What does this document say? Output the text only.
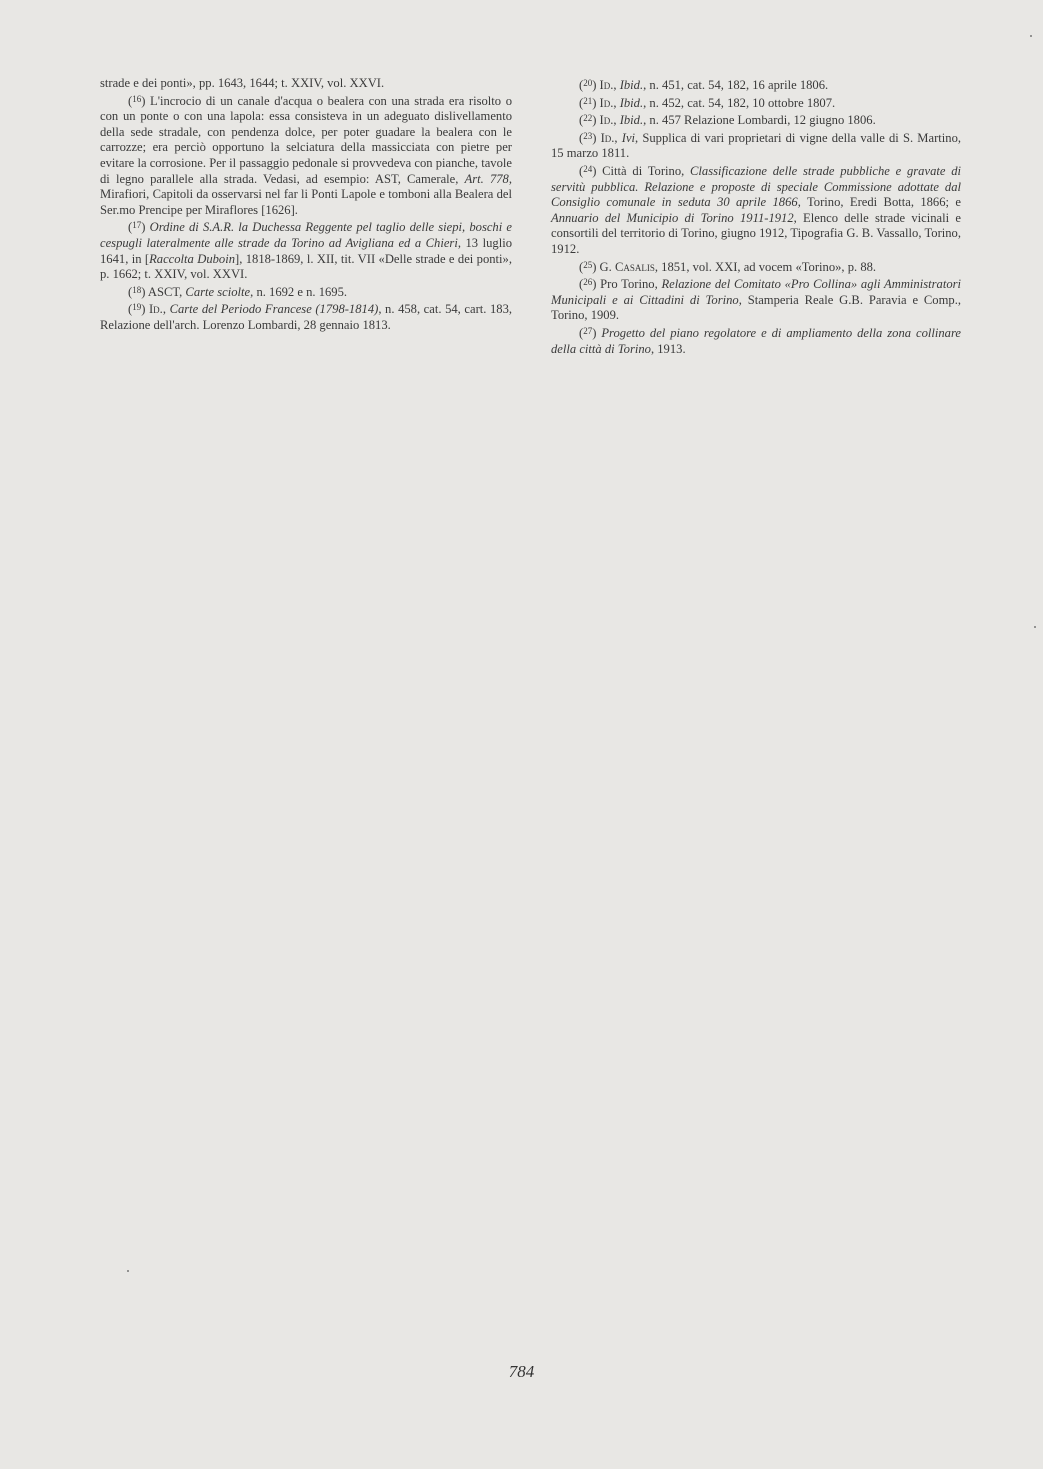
strade e dei ponti», pp. 1643, 1644; t. XXIV, vol. XXVI.

($^{16}$) L'incrocio di un canale d'acqua o bealera con una strada era risolto o con un ponte o con una lapola: essa consisteva in un adeguato dislivellamento della sede stradale, con pendenza dolce, per poter guadare la bealera con le carrozze; era perciò opportuno la selciatura della massicciata con pietre per evitare la corrosione. Per il passaggio pedonale si provvedeva con pianche, tavole di legno parallele alla strada. Vedasi, ad esempio: AST, Camerale, Art. 778, Mirafiori, Capitoli da osservarsi nel far li Ponti Lapole e tomboni alla Bealera del Ser.mo Prencipe per Miraflores [1626].

($^{17}$) Ordine di S.A.R. la Duchessa Reggente pel taglio delle siepi, boschi e cespugli lateralmente alle strade da Torino ad Avigliana ed a Chieri, 13 luglio 1641, in [Raccolta Duboin], 1818-1869, l. XII, tit. VII «Delle strade e dei ponti», p. 1662; t. XXIV, vol. XXVI.

($^{18}$) ASCT, Carte sciolte, n. 1692 e n. 1695.

($^{19}$) Id., Carte del Periodo Francese (1798-1814), n. 458, cat. 54, cart. 183, Relazione dell'arch. Lorenzo Lombardi, 28 gennaio 1813.

($^{20}$) Id., Ibid., n. 451, cat. 54, 182, 16 aprile 1806.

($^{21}$) Id., Ibid., n. 452, cat. 54, 182, 10 ottobre 1807.

($^{22}$) Id., Ibid., n. 457 Relazione Lombardi, 12 giugno 1806.

($^{23}$) Id., Ivi, Supplica di vari proprietari di vigne della valle di S. Martino, 15 marzo 1811.

($^{24}$) Città di Torino, Classificazione delle strade pubbliche e gravate di servitù pubblica. Relazione e proposte di speciale Commissione adottate dal Consiglio comunale in seduta 30 aprile 1866, Torino, Eredi Botta, 1866; e Annuario del Municipio di Torino 1911-1912, Elenco delle strade vicinali e consortili del territorio di Torino, giugno 1912, Tipografia G. B. Vassallo, Torino, 1912.

($^{25}$) G. Casalis, 1851, vol. XXI, ad vocem «Torino», p. 88.

($^{26}$) Pro Torino, Relazione del Comitato «Pro Collina» agli Amministratori Municipali e ai Cittadini di Torino, Stamperia Reale G.B. Paravia e Comp., Torino, 1909.

($^{27}$) Progetto del piano regolatore e di ampliamento della zona collinare della città di Torino, 1913.

784
